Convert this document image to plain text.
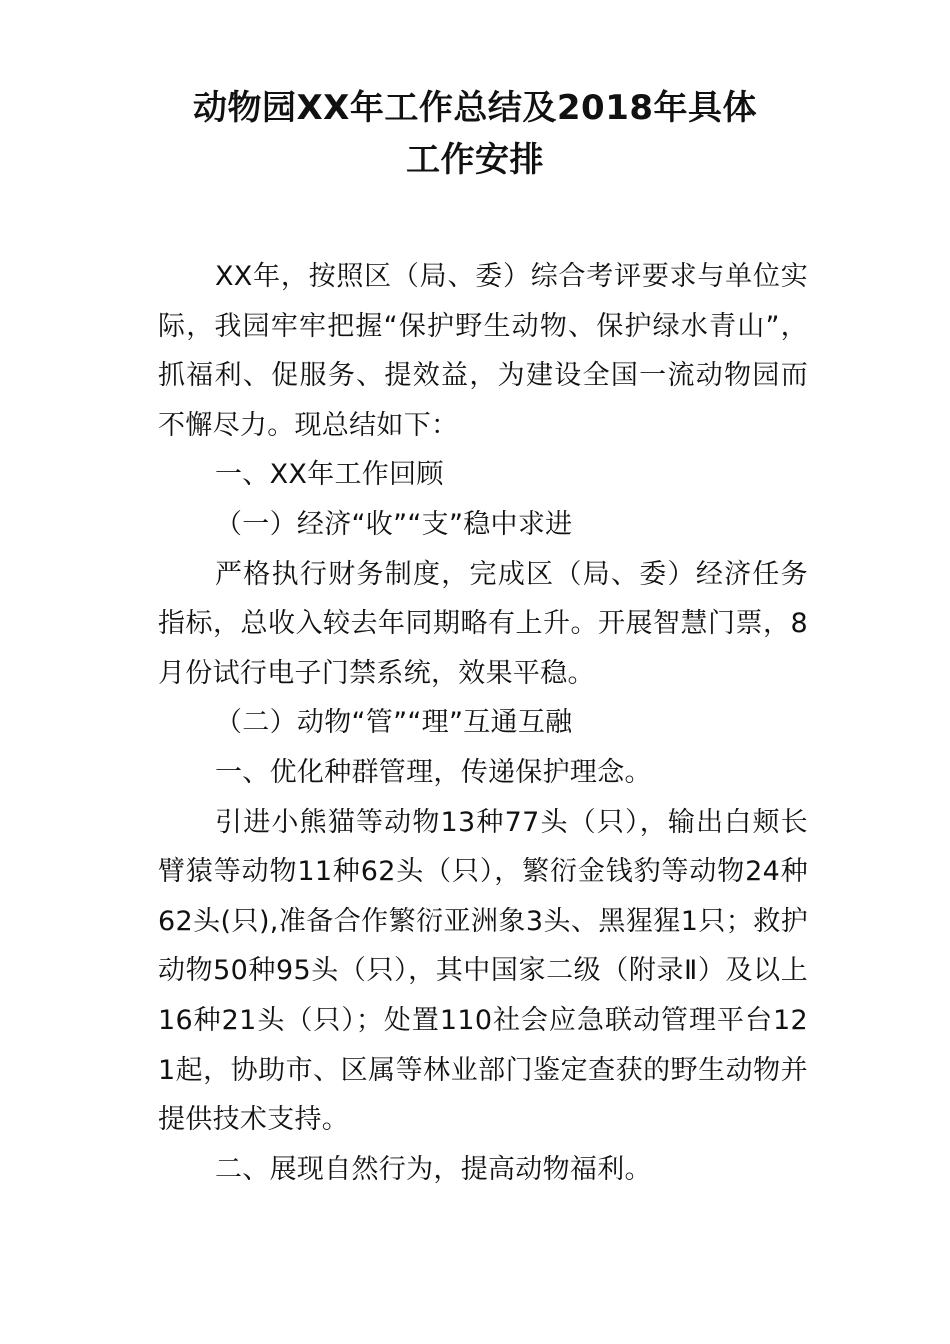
动物园XX年工作总结及2018年具体
工作安排

XX年，按照区（局、委）综合考评要求与单位实际，我园牢牢把握“保护野生动物、保护绿水青山”，抓福利、促服务、提效益，为建设全国一流动物园而不懈尽力。现总结如下：

一、XX年工作回顾

（一）经济“收”“支”稳中求进

严格执行财务制度，完成区（局、委）经济任务指标，总收入较去年同期略有上升。开展智慧门票，8月份试行电子门禁系统，效果平稳。

（二）动物“管”“理”互通互融

一、优化种群管理，传递保护理念。

引进小熊猫等动物13种77头（只），输出白颊长臂猿等动物11种62头（只），繁衍金钱豹等动物24种62头(只),准备合作繁衍亚洲象3头、黑猩猩1只；救护动物50种95头（只），其中国家二级（附录Ⅱ）及以上16种21头（只）；处置110社会应急联动管理平台121起，协助市、区属等林业部门鉴定查获的野生动物并提供技术支持。

二、展现自然行为，提高动物福利。
